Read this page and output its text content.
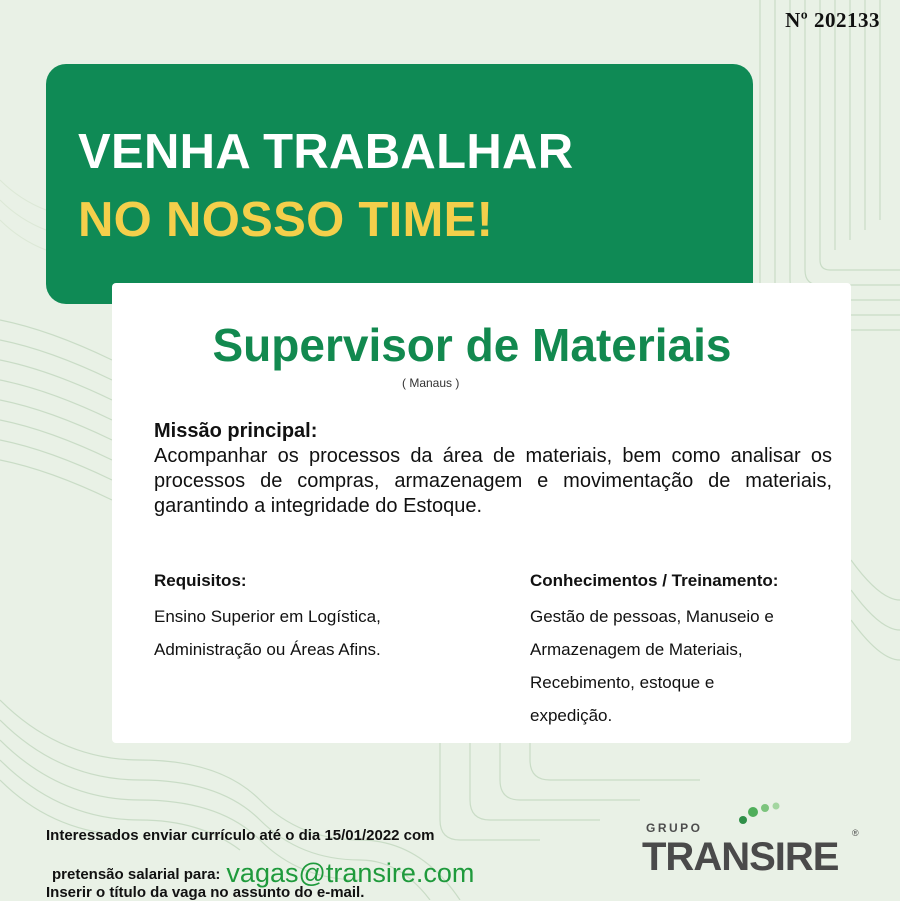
Nº 202133
VENHA TRABALHAR
NO NOSSO TIME!
Supervisor de Materiais
( Manaus )
Missão principal:
Acompanhar os processos da área de materiais, bem como analisar os processos de compras, armazenagem e movimentação de materiais, garantindo a integridade do Estoque.
Requisitos:
Ensino Superior em Logística,
Administração ou Áreas Afins.
Conhecimentos / Treinamento:
Gestão de pessoas, Manuseio e
Armazenagem de Materiais,
Recebimento, estoque e
expedição.
Interessados enviar currículo até o dia 15/01/2022 com
pretensão salarial para: vagas@transire.com
Inserir o título da vaga no assunto do e-mail.
GRUPO
TRANSIRE
®
